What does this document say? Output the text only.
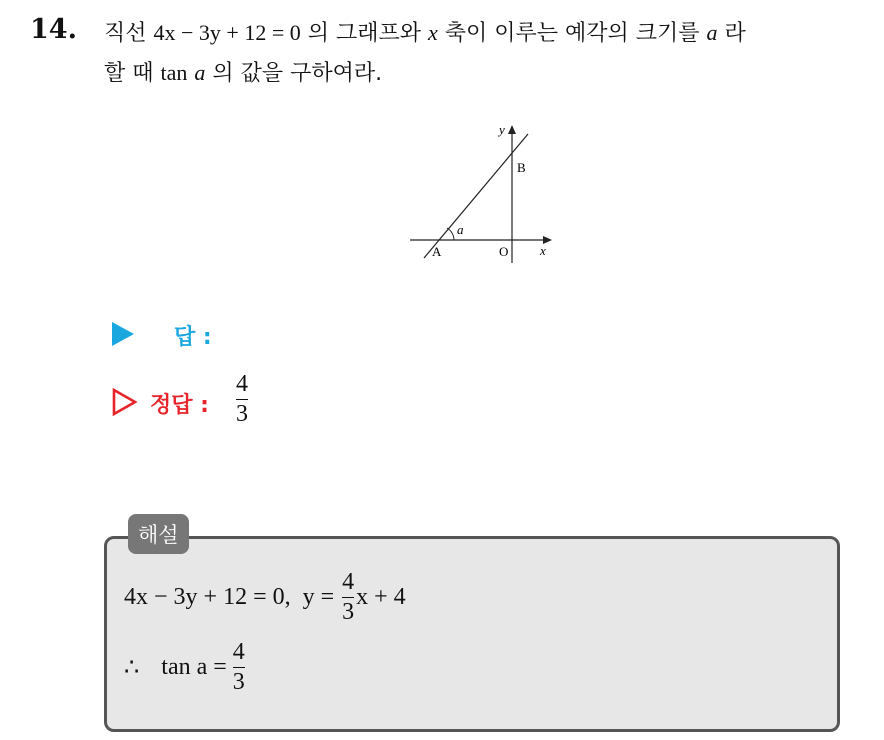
14. 직선 4x − 3y + 12 = 0 의 그래프와 x 축이 이루는 예각의 크기를 a 라
할 때 tan a 의 값을 구하여라.
y
x
A
B
O
a
답 :
정답 : $\frac{4}{3}$
해설
4x − 3y + 12 = 0,  $y = \frac{4}{3}$ x + 4
∴ $\tan a = \frac{4}{3}$
